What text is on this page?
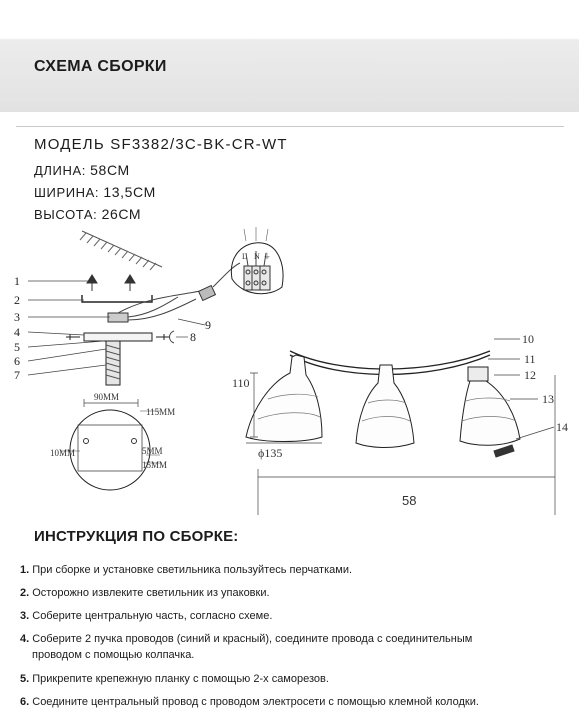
СХЕМА СБОРКИ
МОДЕЛЬ SF3382/3C-BK-CR-WT
ДЛИНА: 58СМ
ШИРИНА: 13,5СМ
ВЫСОТА: 26СМ
L N ⏚
1
2
3
4
5
6
7
8
9
90MM
115MM
10MM	5MM
15MM
110
ϕ135
58
10
11
12
13
14
ИНСТРУКЦИЯ ПО СБОРКЕ:
1. При сборке и установке светильника пользуйтесь перчатками.
2. Осторожно извлеките светильник из упаковки.
3. Соберите центральную часть, согласно схеме.
4. Соберите 2 пучка проводов (синий и красный), соедините провода с соединительным
проводом с помощью колпачка.
5. Прикрепите крепежную планку с помощью 2-х саморезов.
6. Соедините центральный провод с проводом электросети с помощью клемной колодки.
